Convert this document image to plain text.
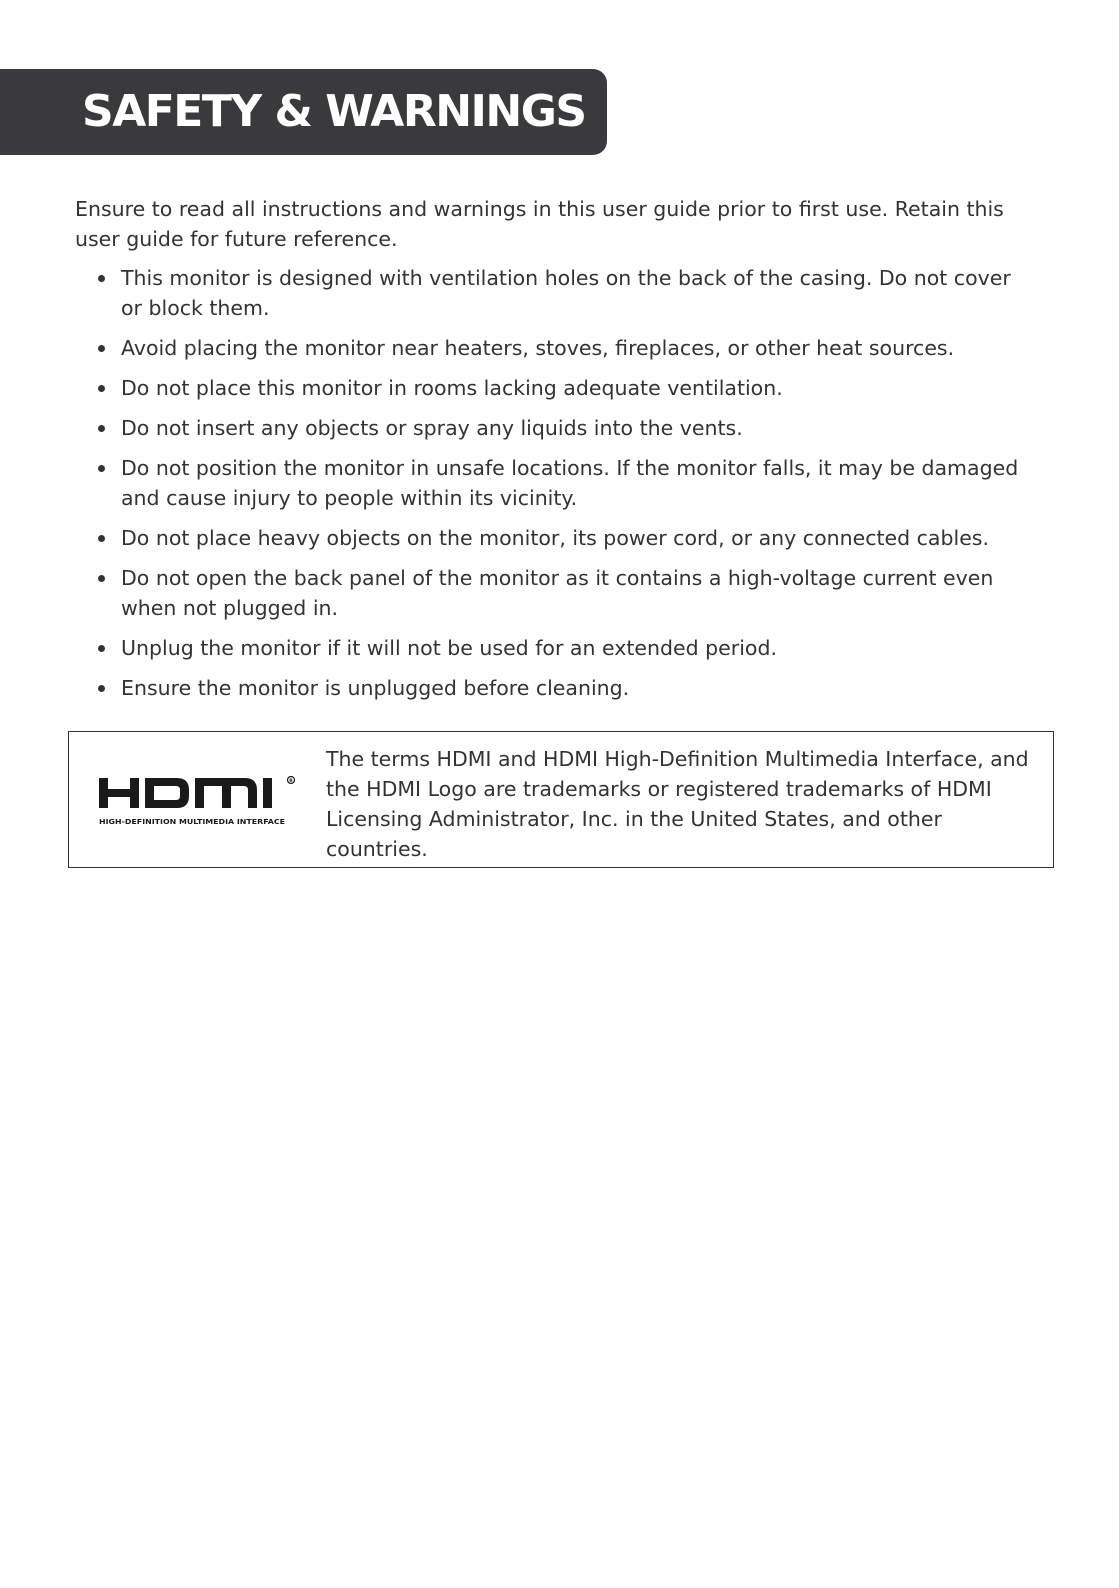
SAFETY & WARNINGS

Ensure to read all instructions and warnings in this user guide prior to first use. Retain this user guide for future reference.

This monitor is designed with ventilation holes on the back of the casing. Do not cover or block them.
Avoid placing the monitor near heaters, stoves, fireplaces, or other heat sources.
Do not place this monitor in rooms lacking adequate ventilation.
Do not insert any objects or spray any liquids into the vents.
Do not position the monitor in unsafe locations. If the monitor falls, it may be damaged and cause injury to people within its vicinity.
Do not place heavy objects on the monitor, its power cord, or any connected cables.
Do not open the back panel of the monitor as it contains a high-voltage current even when not plugged in.
Unplug the monitor if it will not be used for an extended period.
Ensure the monitor is unplugged before cleaning.
R
HIGH-DEFINITION MULTIMEDIA INTERFACE

The terms HDMI and HDMI High-Definition Multimedia Interface, and the HDMI Logo are trademarks or registered trademarks of HDMI Licensing Administrator, Inc. in the United States, and other countries.
